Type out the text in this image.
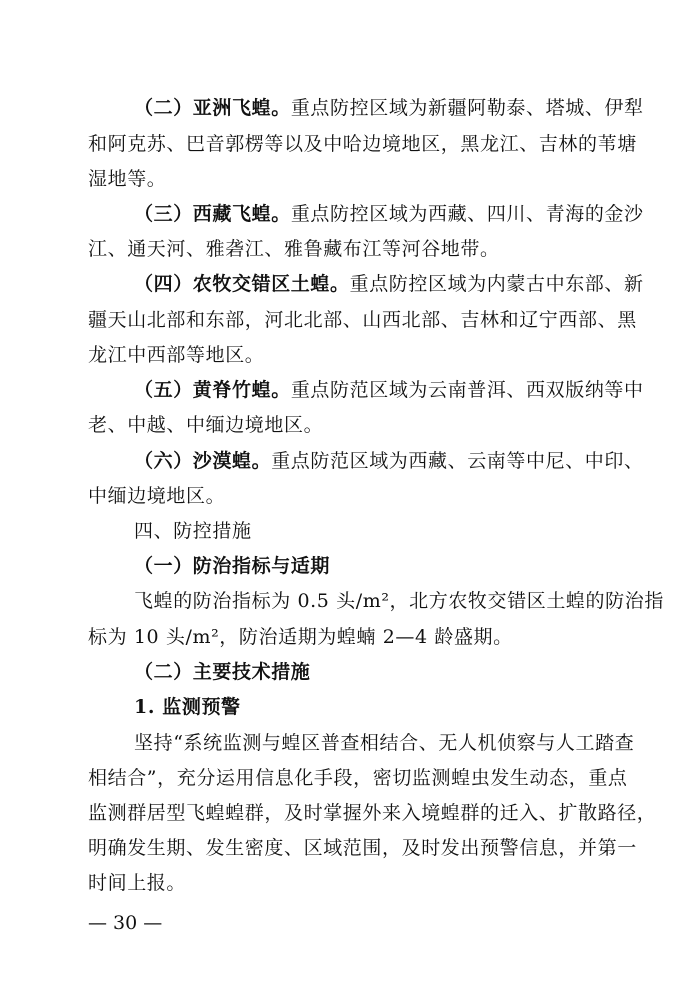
（二）亚洲飞蝗。重点防控区域为新疆阿勒泰、塔城、伊犁
和阿克苏、巴音郭楞等以及中哈边境地区，黑龙江、吉林的苇塘
湿地等。
（三）西藏飞蝗。重点防控区域为西藏、四川、青海的金沙
江、通天河、雅砻江、雅鲁藏布江等河谷地带。
（四）农牧交错区土蝗。重点防控区域为内蒙古中东部、新
疆天山北部和东部，河北北部、山西北部、吉林和辽宁西部、黑
龙江中西部等地区。
（五）黄脊竹蝗。重点防范区域为云南普洱、西双版纳等中
老、中越、中缅边境地区。
（六）沙漠蝗。重点防范区域为西藏、云南等中尼、中印、
中缅边境地区。
四、防控措施
（一）防治指标与适期
飞蝗的防治指标为 0.5 头/m²，北方农牧交错区土蝗的防治指
标为 10 头/m²，防治适期为蝗蝻 2—4 龄盛期。
（二）主要技术措施
1. 监测预警
坚持“系统监测与蝗区普查相结合、无人机侦察与人工踏查
相结合”，充分运用信息化手段，密切监测蝗虫发生动态，重点
监测群居型飞蝗蝗群，及时掌握外来入境蝗群的迁入、扩散路径，
明确发生期、发生密度、区域范围，及时发出预警信息，并第一
时间上报。
— 30 —
